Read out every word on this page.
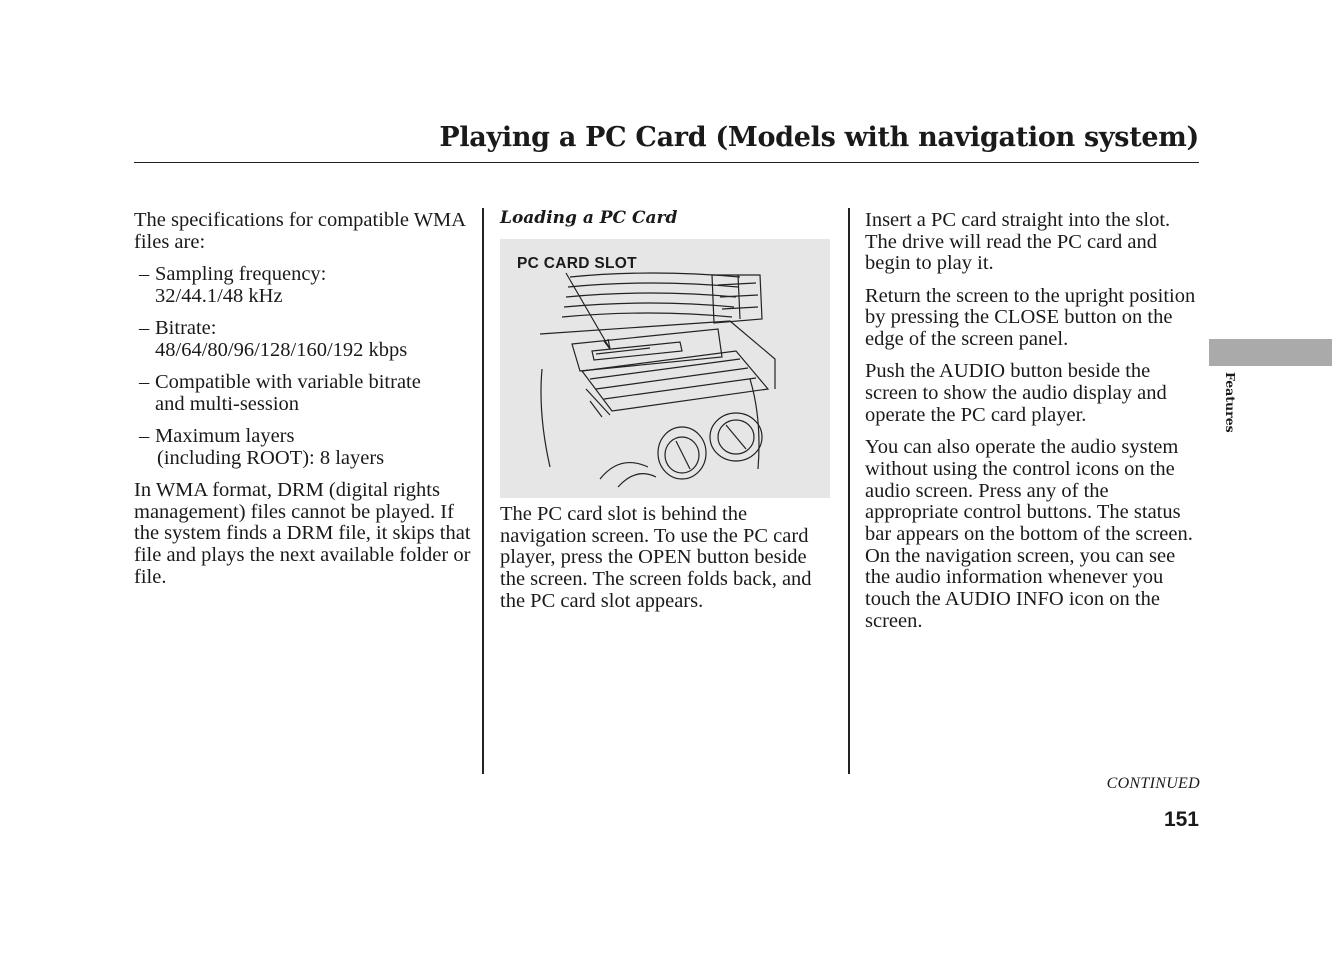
Playing a PC Card (Models with navigation system)

The specifications for compatible WMA files are:

– Sampling frequency:
32/44.1/48 kHz
– Bitrate:
48/64/80/96/128/160/192 kbps
– Compatible with variable bitrate
and multi-session
– Maximum layers
(including ROOT): 8 layers

In WMA format, DRM (digital rights management) files cannot be played. If the system finds a DRM file, it skips that file and plays the next available folder or file.

Loading a PC Card
PC CARD SLOT

The PC card slot is behind the navigation screen. To use the PC card player, press the OPEN button beside the screen. The screen folds back, and the PC card slot appears.

Insert a PC card straight into the slot. The drive will read the PC card and begin to play it.

Return the screen to the upright position by pressing the CLOSE button on the edge of the screen panel.

Push the AUDIO button beside the screen to show the audio display and operate the PC card player.

You can also operate the audio system without using the control icons on the audio screen. Press any of the appropriate control buttons. The status bar appears on the bottom of the screen. On the navigation screen, you can see the audio information whenever you touch the AUDIO INFO icon on the screen.

Features
CONTINUED
151
